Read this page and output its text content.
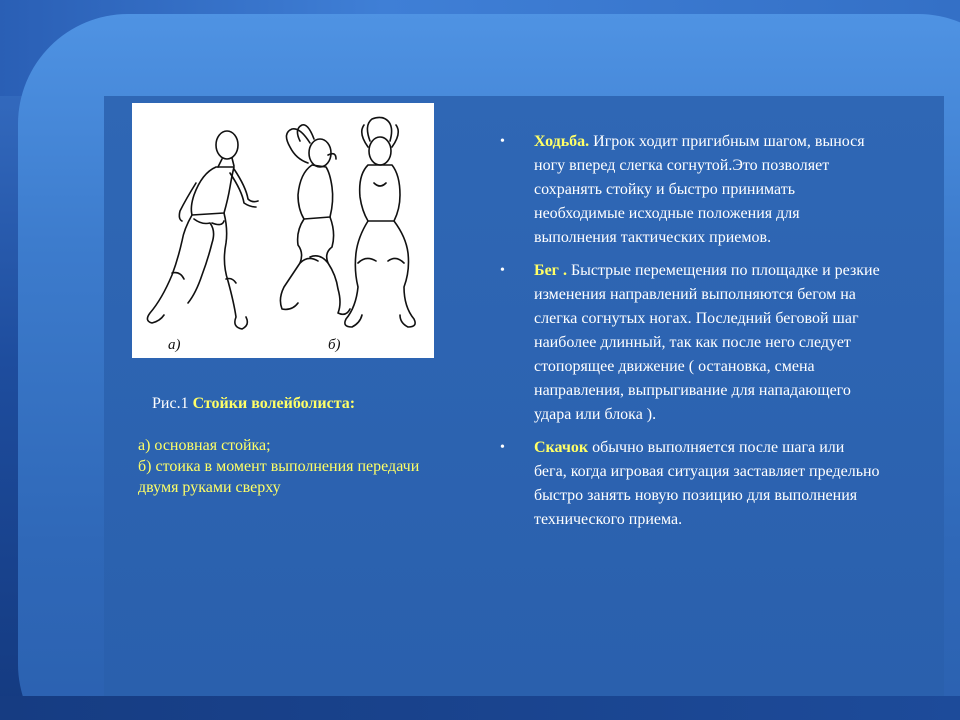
а)	б)
Рис.1 Стойки волейболиста:
а) основная стойка;
б) стоика в момент выполнения передачи двумя руками сверху
• Ходьба. Игрок ходит пригибным шагом, вынося ногу вперед слегка согнутой.Это позволяет сохранять стойку и быстро принимать необходимые исходные положения для выполнения тактических приемов.
• Бег . Быстрые перемещения по площадке и резкие изменения направлений выполняются бегом на слегка согнутых ногах. Последний беговой шаг наиболее длинный, так как после него следует стопорящее движение ( остановка, смена направления, выпрыгивание для нападающего удара или блока ).
• Скачок обычно выполняется после шага или бега, когда игровая ситуация заставляет предельно быстро занять новую позицию для выполнения технического приема.
